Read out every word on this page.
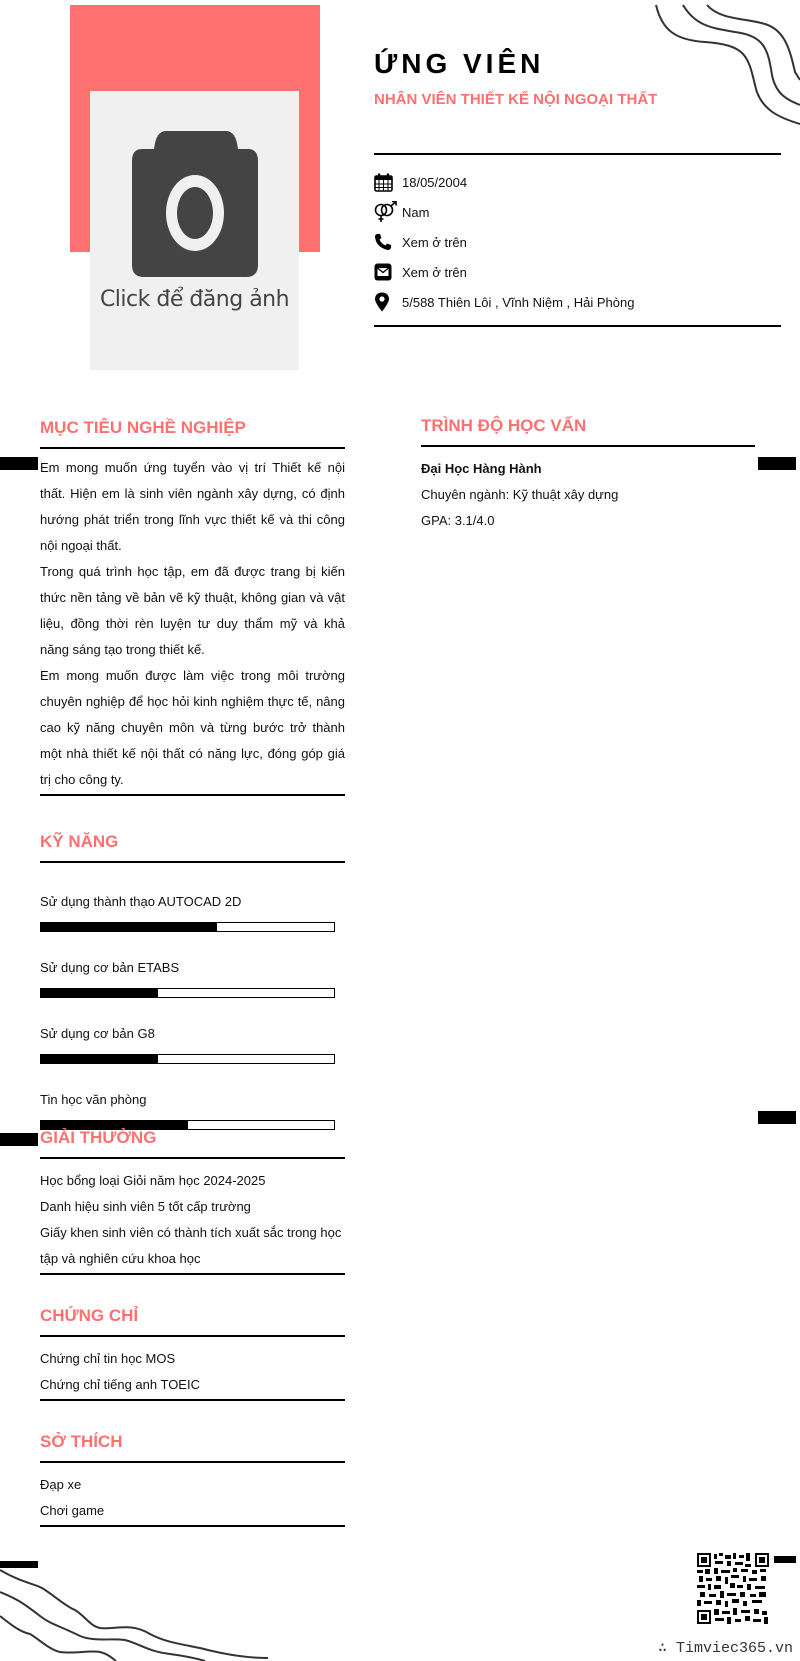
Click để đăng ảnh
ỨNG VIÊN
NHÂN VIÊN THIẾT KẾ NỘI NGOẠI THẤT
18/05/2004
Nam
Xem ở trên
Xem ở trên
5/588 Thiên Lôi , Vĩnh Niệm , Hải Phòng
MỤC TIÊU NGHỀ NGHIỆP

Em mong muốn ứng tuyển vào vị trí Thiết kế nội thất. Hiện em là sinh viên ngành xây dựng, có định hướng phát triển trong lĩnh vực thiết kế và thi công nội ngoại thất.

Trong quá trình học tập, em đã được trang bị kiến thức nền tảng về bản vẽ kỹ thuật, không gian và vật liệu, đồng thời rèn luyện tư duy thẩm mỹ và khả năng sáng tạo trong thiết kế.

Em mong muốn được làm việc trong môi trường chuyên nghiệp để học hỏi kinh nghiệm thực tế, nâng cao kỹ năng chuyên môn và từng bước trở thành một nhà thiết kế nội thất có năng lực, đóng góp giá trị cho công ty.

KỸ NĂNG
Sử dụng thành thạo AUTOCAD 2D
Sử dụng cơ bản ETABS
Sử dụng cơ bản G8
Tin học văn phòng
GIẢI THƯỞNG
Học bổng loại Giỏi năm học 2024-2025
Danh hiệu sinh viên 5 tốt cấp trường
Giấy khen sinh viên có thành tích xuất sắc trong học tập và nghiên cứu khoa học
CHỨNG CHỈ
Chứng chỉ tin học MOS
Chứng chỉ tiếng anh TOEIC
SỞ THÍCH
Đạp xe
Chơi game
TRÌNH ĐỘ HỌC VẤN
Đại Học Hàng Hành
Chuyên ngành: Kỹ thuật xây dựng
GPA: 3.1/4.0
∴ Timviec365.vn
